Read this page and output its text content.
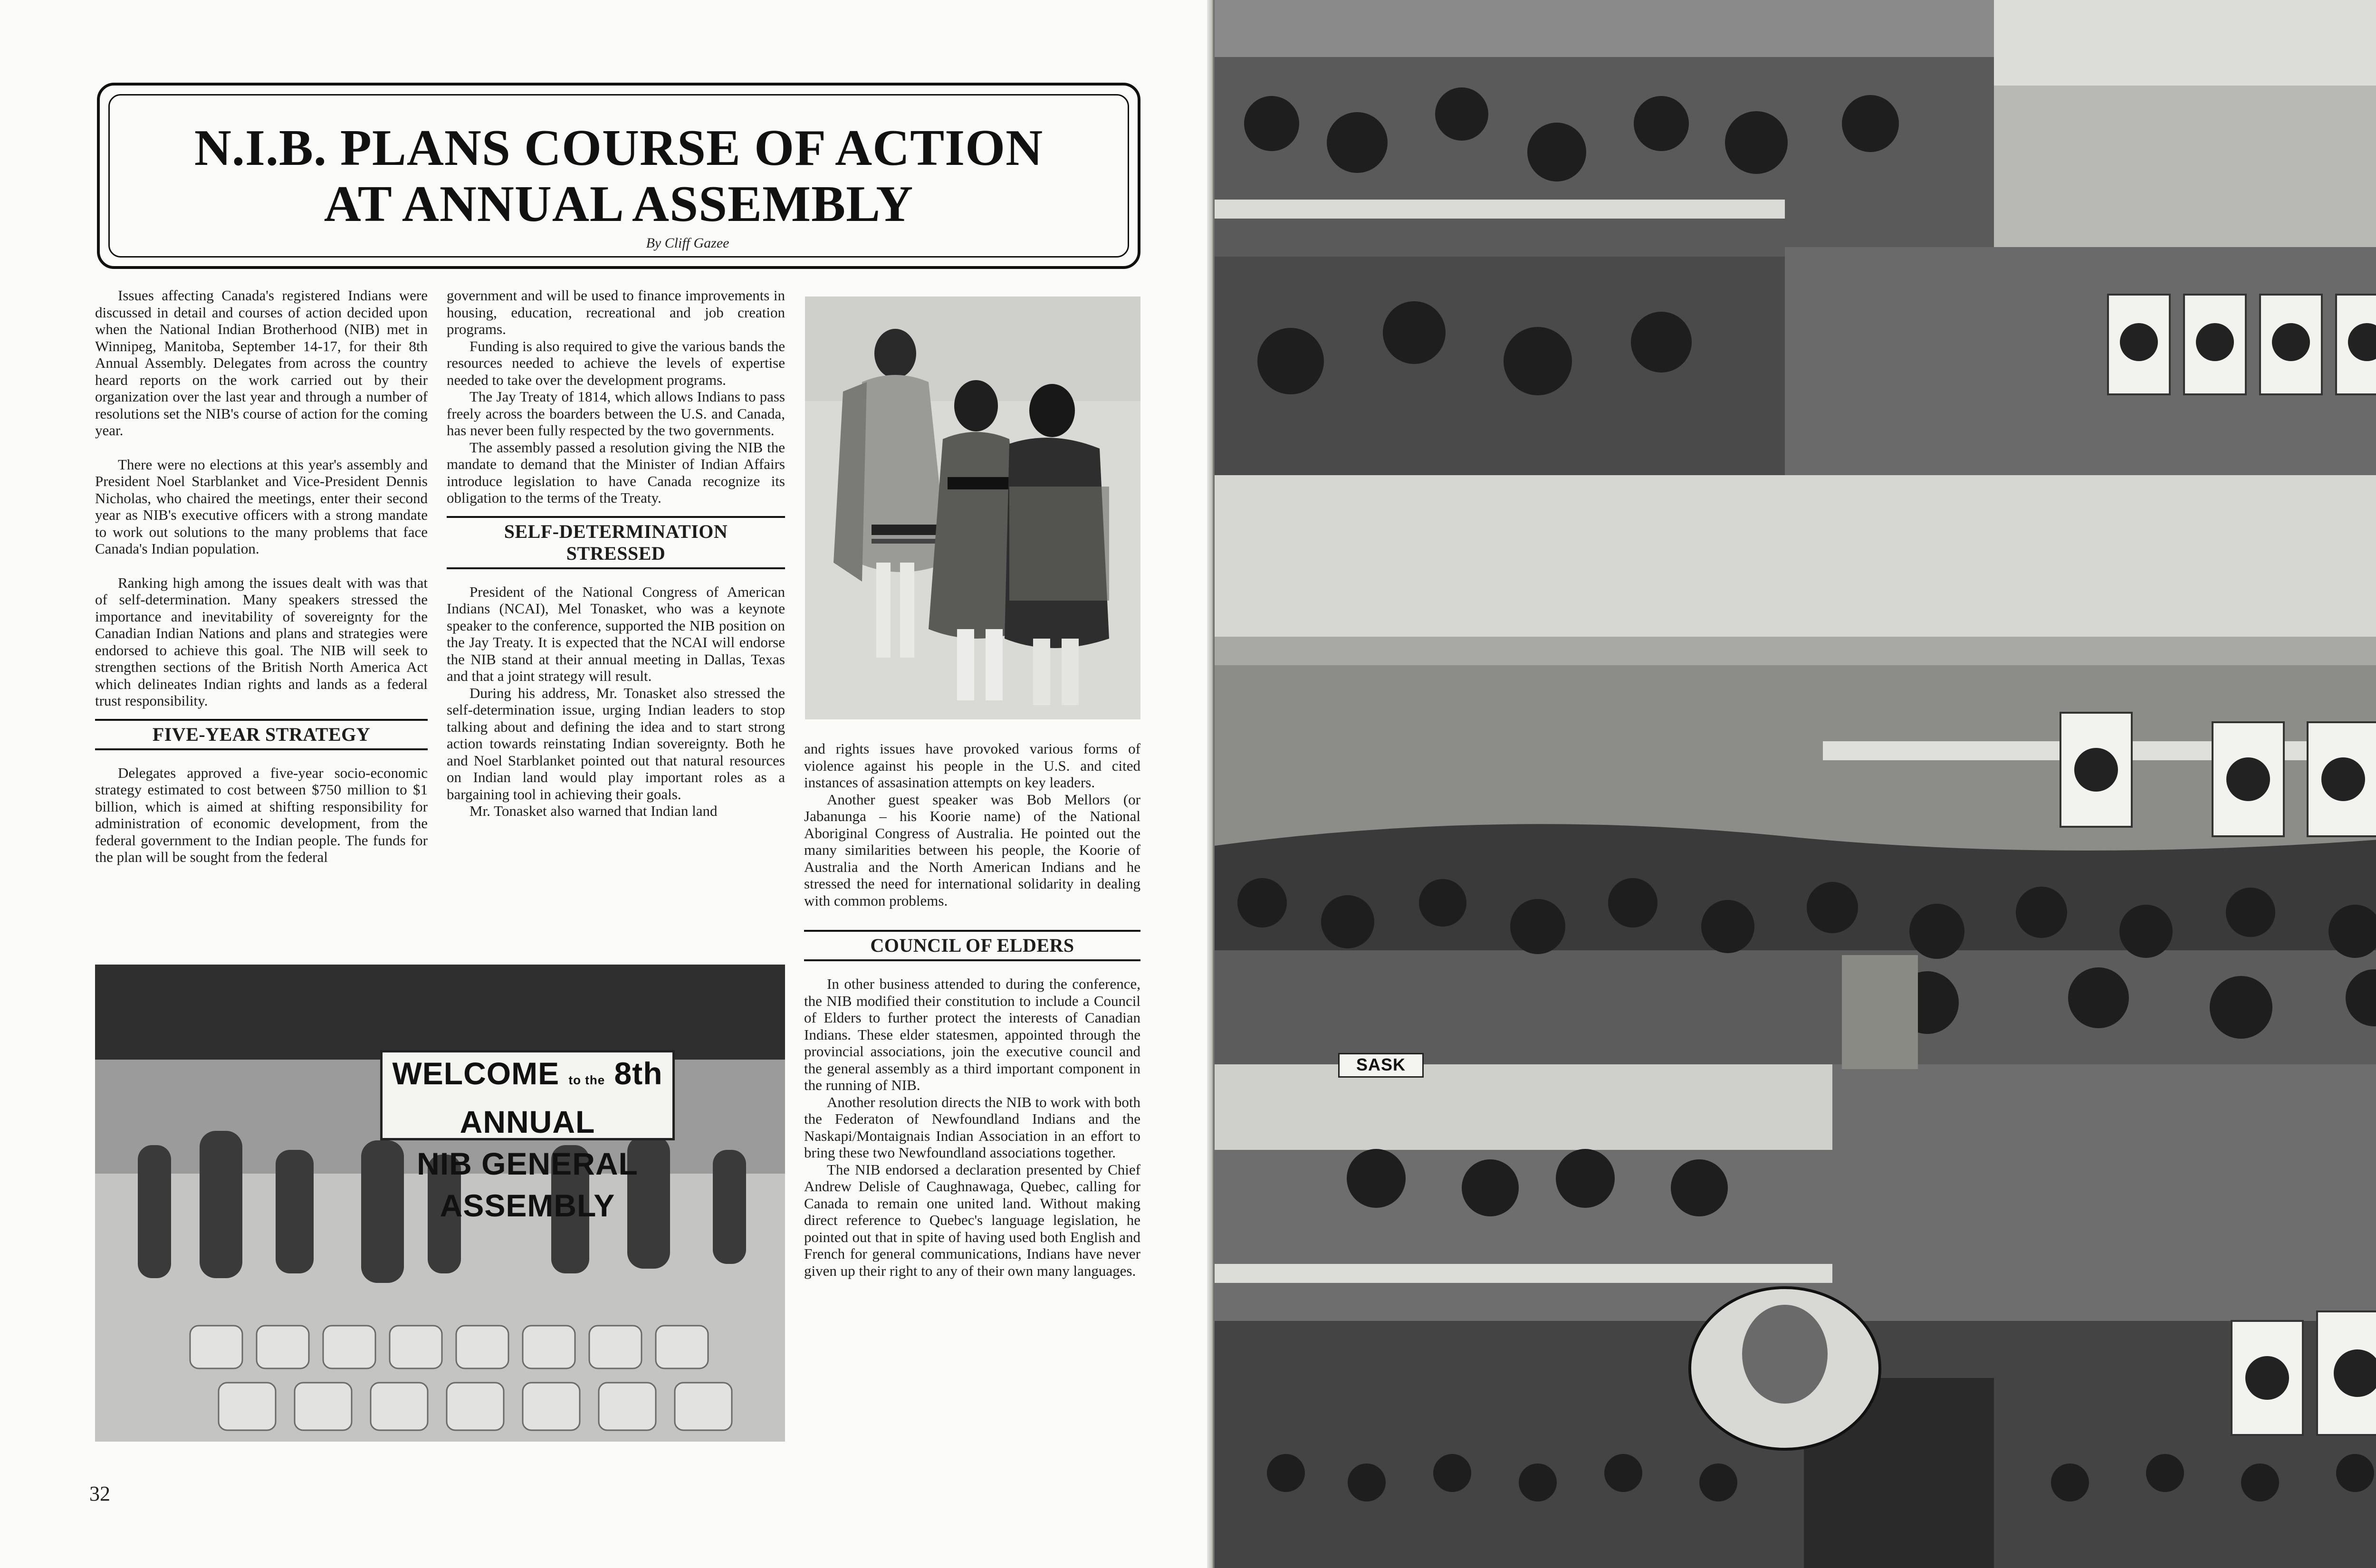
N.I.B. PLANS COURSE OF ACTION
AT ANNUAL ASSEMBLY
By Cliff Gazee

Issues affecting Canada's registered Indians were discussed in detail and courses of action decided upon when the National Indian Brotherhood (NIB) met in Winnipeg, Manitoba, September 14-17, for their 8th Annual Assembly. Delegates from across the country heard reports on the work carried out by their organization over the last year and through a number of resolutions set the NIB's course of action for the coming year.

There were no elections at this year's assembly and President Noel Starblanket and Vice-President Dennis Nicholas, who chaired the meetings, enter their second year as NIB's executive officers with a strong mandate to work out solutions to the many problems that face Canada's Indian population.

Ranking high among the issues dealt with was that of self-determination. Many speakers stressed the importance and inevitability of sovereignty for the Canadian Indian Nations and plans and strategies were endorsed to achieve this goal. The NIB will seek to strengthen sections of the British North America Act which delineates Indian rights and lands as a federal trust responsibility.

FIVE-YEAR STRATEGY

Delegates approved a five-year socio-economic strategy estimated to cost between $750 million to $1 billion, which is aimed at shifting responsibility for administration of economic development, from the federal government to the Indian people. The funds for the plan will be sought from the federal

government and will be used to finance improvements in housing, education, recreational and job creation programs.

Funding is also required to give the various bands the resources needed to achieve the levels of expertise needed to take over the development programs.

The Jay Treaty of 1814, which allows Indians to pass freely across the boarders between the U.S. and Canada, has never been fully respected by the two governments.

The assembly passed a resolution giving the NIB the mandate to demand that the Minister of Indian Affairs introduce legislation to have Canada recognize its obligation to the terms of the Treaty.

SELF-DETERMINATION STRESSED

President of the National Congress of American Indians (NCAI), Mel Tonasket, who was a keynote speaker to the conference, supported the NIB position on the Jay Treaty. It is expected that the NCAI will endorse the NIB stand at their annual meeting in Dallas, Texas and that a joint strategy will result.

During his address, Mr. Tonasket also stressed the self-determination issue, urging Indian leaders to stop talking about and defining the idea and to start strong action towards reinstating Indian sovereignty. Both he and Noel Starblanket pointed out that natural resources on Indian land would play important roles as a bargaining tool in achieving their goals.

Mr. Tonasket also warned that Indian land

WELCOME to the 8th ANNUAL
NIB GENERAL ASSEMBLY

and rights issues have provoked various forms of violence against his people in the U.S. and cited instances of assasination attempts on key leaders.

Another guest speaker was Bob Mellors (or Jabanunga – his Koorie name) of the National Aboriginal Congress of Australia. He pointed out the many similarities between his people, the Koorie of Australia and the North American Indians and he stressed the need for international solidarity in dealing with common problems.

COUNCIL OF ELDERS

In other business attended to during the conference, the NIB modified their constitution to include a Council of Elders to further protect the interests of Canadian Indians. These elder statesmen, appointed through the provincial associations, join the executive council and the general assembly as a third important component in the running of NIB.

Another resolution directs the NIB to work with both the Federaton of Newfoundland Indians and the Naskapi/Montaignais Indian Association in an effort to bring these two Newfoundland associations together.

The NIB endorsed a declaration presented by Chief Andrew Delisle of Caughnawaga, Quebec, calling for Canada to remain one united land. Without making direct reference to Quebec's language legislation, he pointed out that in spite of having used both English and French for general communications, Indians have never given up their right to any of their own many languages.

32
SASK
